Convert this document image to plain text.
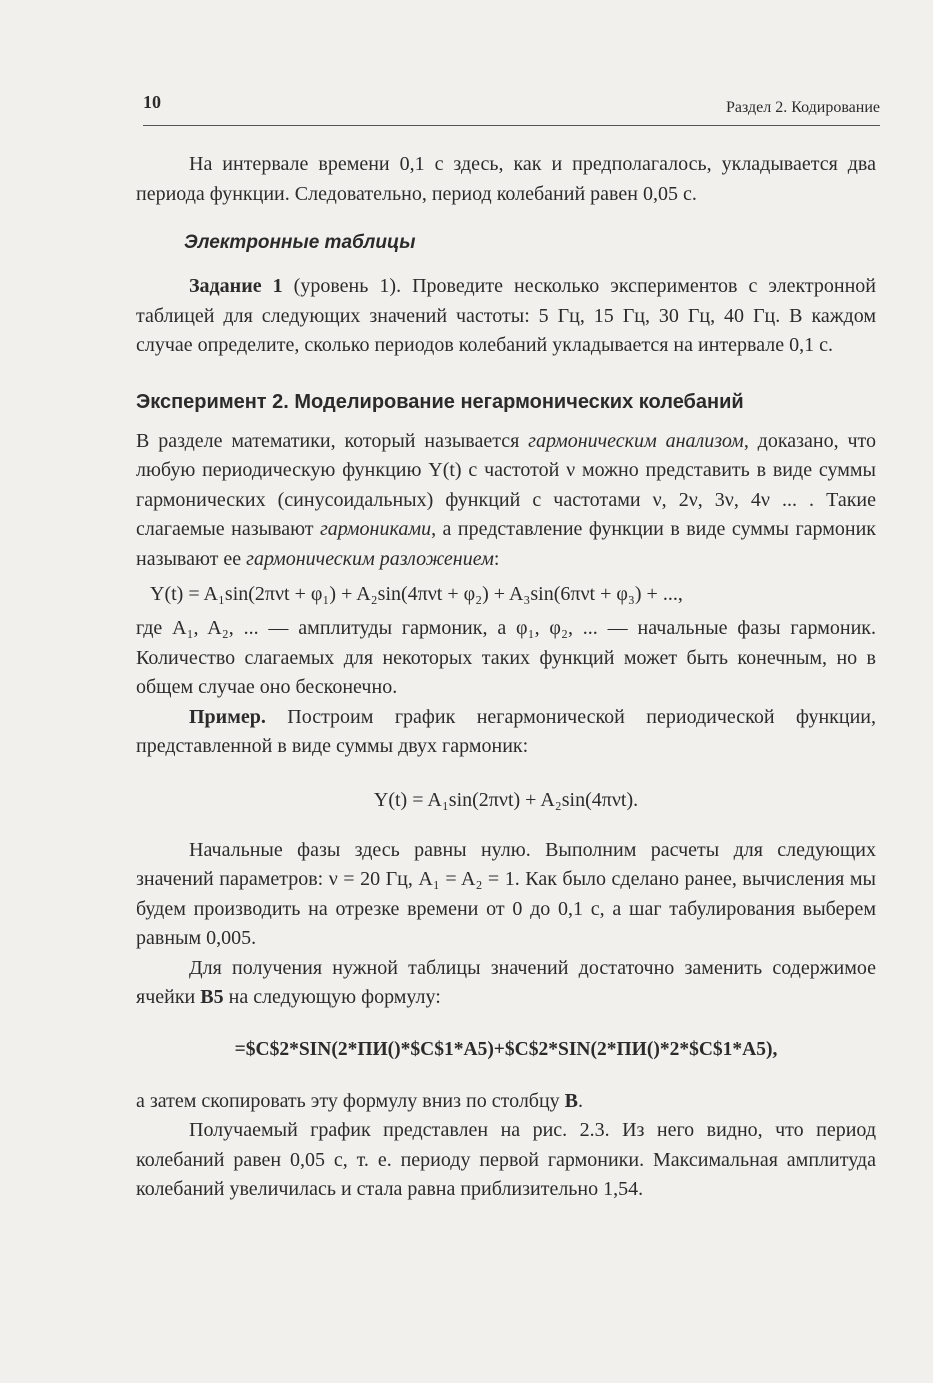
10	Раздел 2. Кодирование

На интервале времени 0,1 с здесь, как и предполагалось, укладывается два периода функции. Следовательно, период колебаний равен 0,05 с.

Электронные таблицы

Задание 1 (уровень 1). Проведите несколько экспериментов с электронной таблицей для следующих значений частоты: 5 Гц, 15 Гц, 30 Гц, 40 Гц. В каждом случае определите, сколько периодов колебаний укладывается на интервале 0,1 с.

Эксперимент 2. Моделирование негармонических колебаний

В разделе математики, который называется гармоническим анализом, доказано, что любую периодическую функцию Y(t) с частотой ν можно представить в виде суммы гармонических (синусоидальных) функций с частотами ν, 2ν, 3ν, 4ν ... . Такие слагаемые называют гармониками, а представление функции в виде суммы гармоник называют ее гармоническим разложением:

Y(t) = A₁sin(2πνt + φ₁) + A₂sin(4πνt + φ₂) + A₃sin(6πνt + φ₃) + ...,

где A₁, A₂, ... — амплитуды гармоник, а φ₁, φ₂, ... — начальные фазы гармоник. Количество слагаемых для некоторых таких функций может быть конечным, но в общем случае оно бесконечно.

Пример. Построим график негармонической периодической функции, представленной в виде суммы двух гармоник:

Y(t) = A₁sin(2πνt) + A₂sin(4πνt).

Начальные фазы здесь равны нулю. Выполним расчеты для следующих значений параметров: ν = 20 Гц, A₁ = A₂ = 1. Как было сделано ранее, вычисления мы будем производить на отрезке времени от 0 до 0,1 с, а шаг табулирования выберем равным 0,005.

Для получения нужной таблицы значений достаточно заменить содержимое ячейки B5 на следующую формулу:

=$C$2*SIN(2*ПИ()*$C$1*A5)+$C$2*SIN(2*ПИ()*2*$C$1*A5),

а затем скопировать эту формулу вниз по столбцу B.

Получаемый график представлен на рис. 2.3. Из него видно, что период колебаний равен 0,05 с, т. е. периоду первой гармоники. Максимальная амплитуда колебаний увеличилась и стала равна приблизительно 1,54.
